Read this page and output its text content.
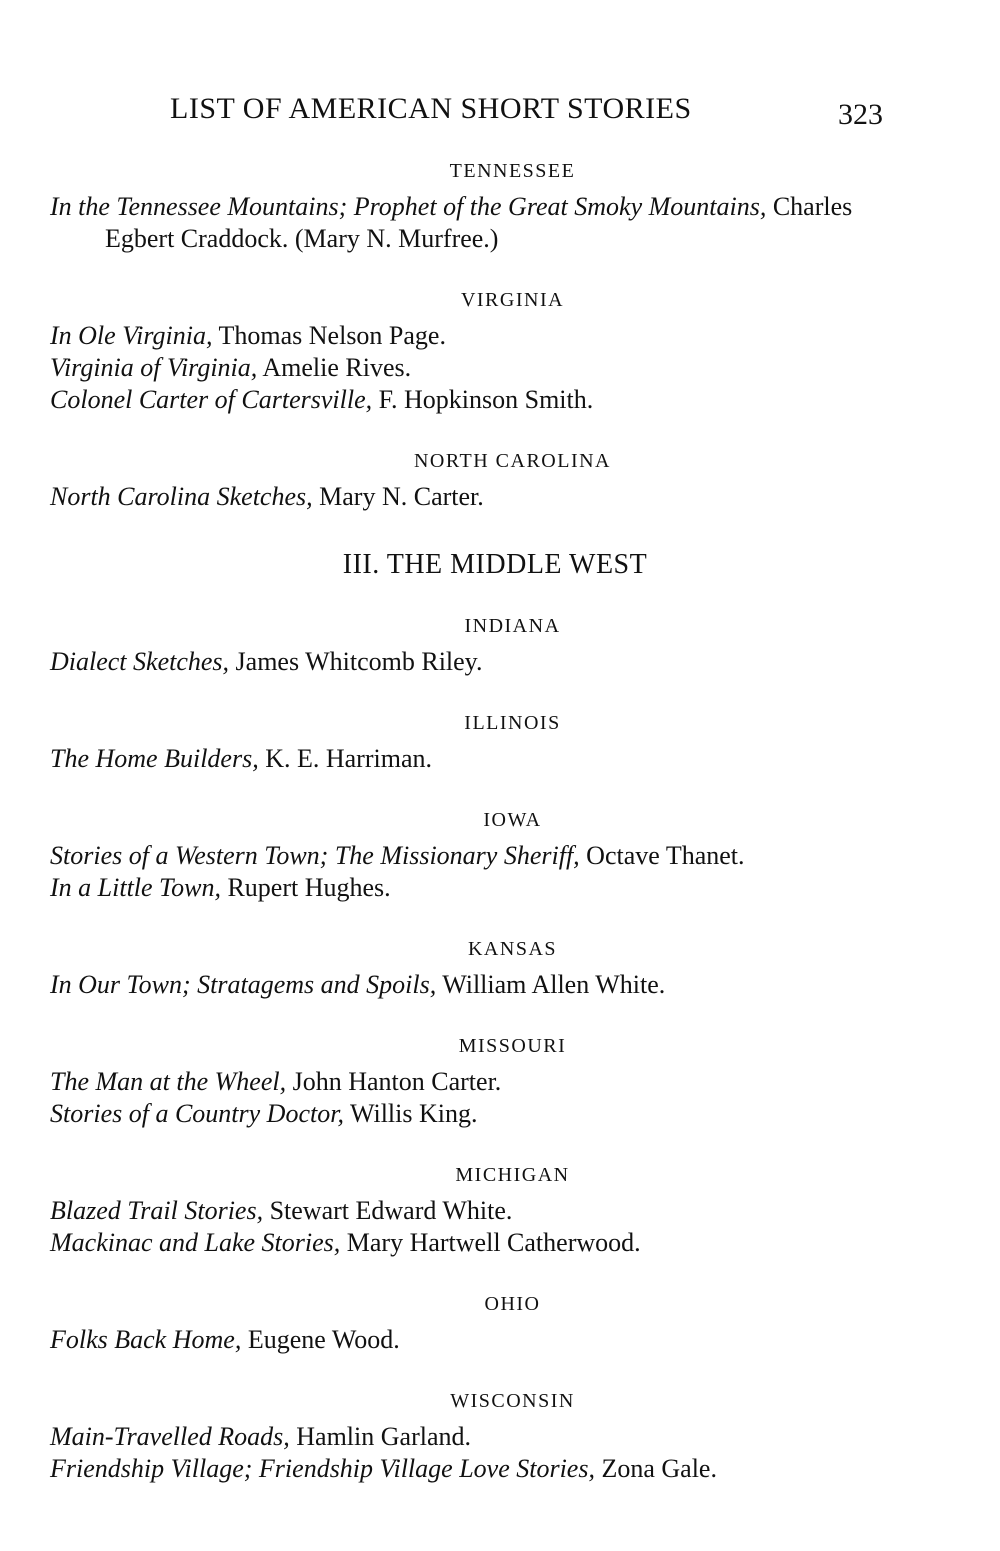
LIST OF AMERICAN SHORT STORIES	323
TENNESSEE
In the Tennessee Mountains; Prophet of the Great Smoky Mountains, Charles Egbert Craddock. (Mary N. Murfree.)
VIRGINIA
In Ole Virginia, Thomas Nelson Page.
Virginia of Virginia, Amelie Rives.
Colonel Carter of Cartersville, F. Hopkinson Smith.
NORTH CAROLINA
North Carolina Sketches, Mary N. Carter.
III. THE MIDDLE WEST
INDIANA
Dialect Sketches, James Whitcomb Riley.
ILLINOIS
The Home Builders, K. E. Harriman.
IOWA
Stories of a Western Town; The Missionary Sheriff, Octave Thanet.
In a Little Town, Rupert Hughes.
KANSAS
In Our Town; Stratagems and Spoils, William Allen White.
MISSOURI
The Man at the Wheel, John Hanton Carter.
Stories of a Country Doctor, Willis King.
MICHIGAN
Blazed Trail Stories, Stewart Edward White.
Mackinac and Lake Stories, Mary Hartwell Catherwood.
OHIO
Folks Back Home, Eugene Wood.
WISCONSIN
Main-Travelled Roads, Hamlin Garland.
Friendship Village; Friendship Village Love Stories, Zona Gale.
